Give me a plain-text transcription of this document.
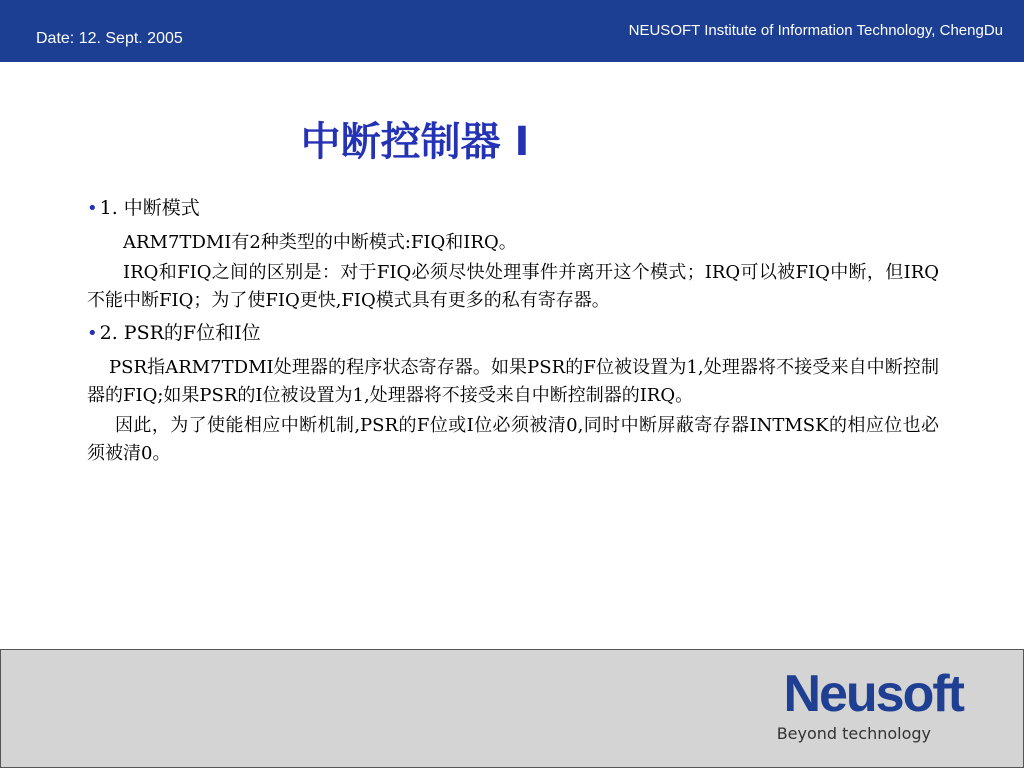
Date: 12. Sept. 2005	NEUSOFT Institute of Information Technology, ChengDu
中断控制器 I
• 1. 中断模式

ARM7TDMI有2种类型的中断模式:FIQ和IRQ。

IRQ和FIQ之间的区别是：对于FIQ必须尽快处理事件并离开这个模式；IRQ可以被FIQ中断，但IRQ不能中断FIQ；为了使FIQ更快,FIQ模式具有更多的私有寄存器。

• 2. PSR的F位和I位

PSR指ARM7TDMI处理器的程序状态寄存器。如果PSR的F位被设置为1,处理器将不接受来自中断控制器的FIQ;如果PSR的I位被设置为1,处理器将不接受来自中断控制器的IRQ。

因此，为了使能相应中断机制,PSR的F位或I位必须被清0,同时中断屏蔽寄存器INTMSK的相应位也必须被清0。

Neusoft
Beyond technology
